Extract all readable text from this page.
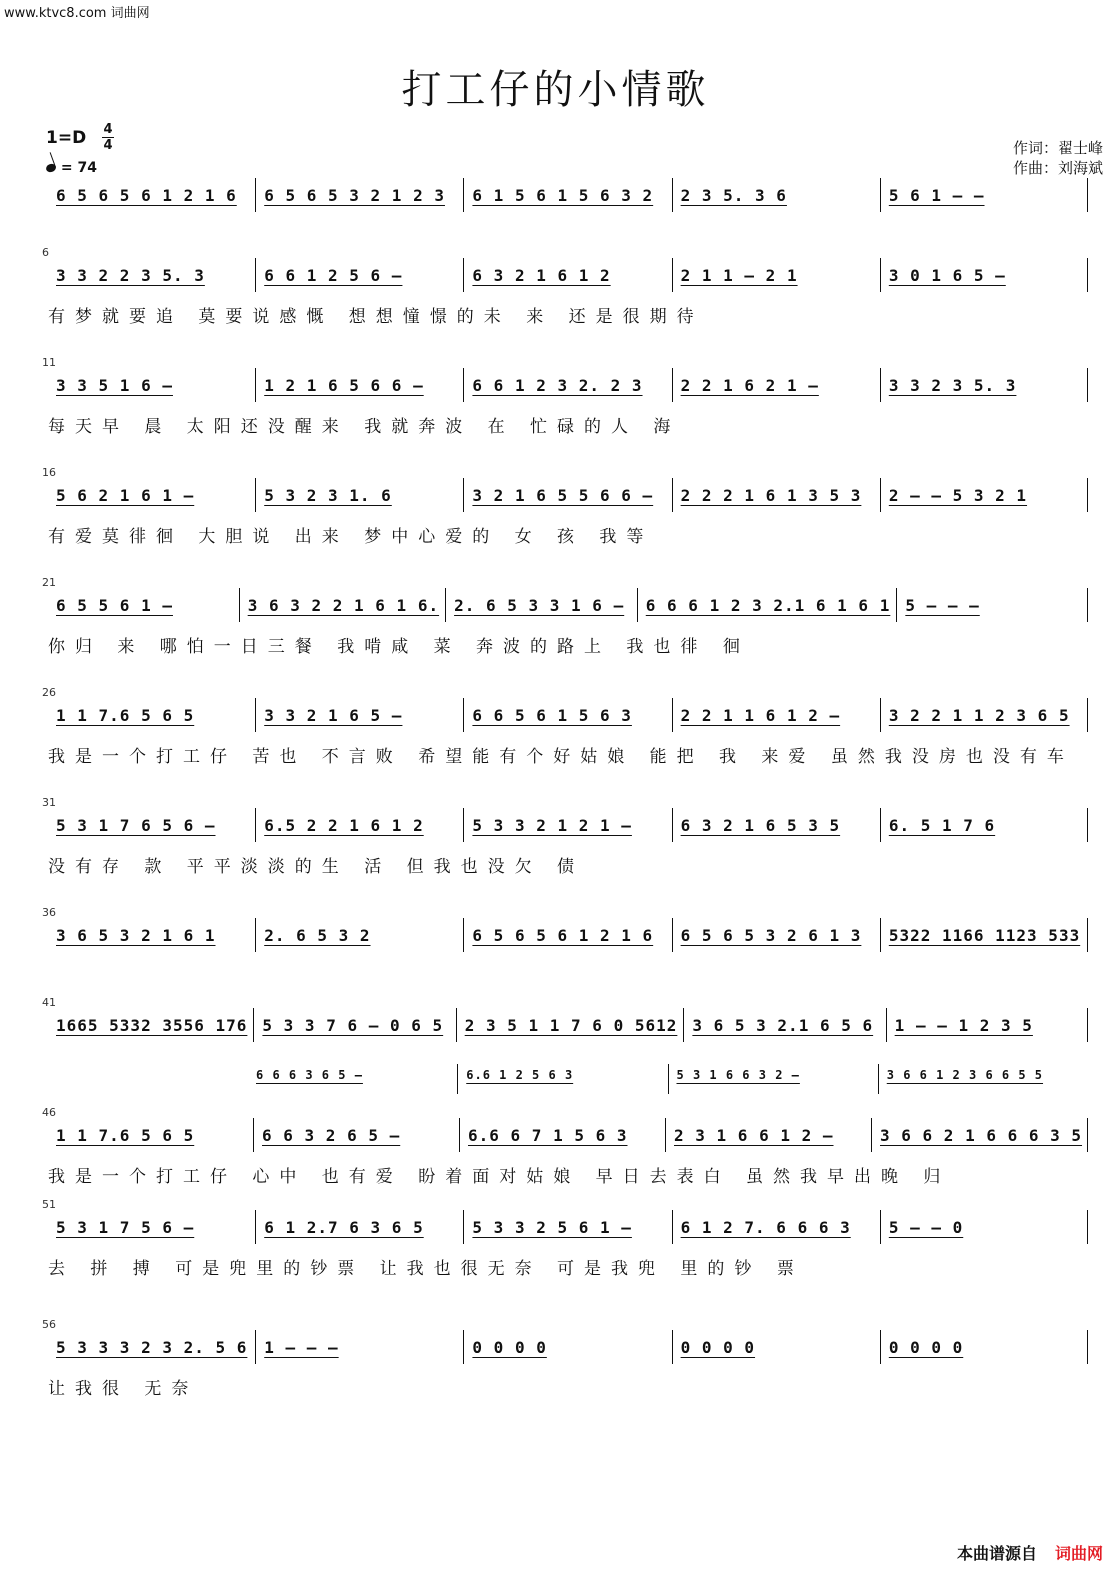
www.ktvc8.com 词曲网
打工仔的小情歌
1=D 4
4
= 74
作词：翟士峰
作曲：刘海斌
6 5 6 5 6 1 2 1 6	6 5 6 5 3 2 1 2 3	6 1 5 6 1 5 6 3 2	2 3 5. 3 6	5 6 1 – –
6
3 3 2 2 3 5. 3	6 6 1 2 5 6 –	6 3 2 1 6 1 2	2 1 1 – 2 1	3 0 1 6 5 –
有梦就要追 莫要说感慨 想想憧憬的未 来 还是很期待
11
3 3 5 1 6 –	1 2 1 6 5 6 6 –	6 6 1 2 3 2. 2 3	2 2 1 6 2 1 –	3 3 2 3 5. 3
每天早 晨 太阳还没醒来 我就奔波 在 忙碌的人 海
16
5 6 2 1 6 1 –	5 3 2 3 1. 6	3 2 1 6 5 5 6 6 –	2 2 2 1 6 1 3 5 3	2 – – 5 3 2 1
有爱莫徘徊 大胆说 出来 梦中心爱的 女 孩 我等
21
6 5 5 6 1 –	3 6 3 2 2 1 6 1 6. 2. 6 5 3 3 1 6 –	6 6 6 1 2 3 2.1 6 1 6 1 5 – – –
你归 来 哪怕一日三餐 我啃咸 菜 奔波的路上 我也徘 徊
26
1 1 7.6 5 6 5	3 3 2 1 6 5 –	6 6 5 6 1 5 6 3	2 2 1 1 6 1 2 –	3 2 2 1 1 2 3 6 5
我是一个打工仔 苦也 不言败 希望能有个好姑娘 能把 我 来爱 虽然我没房也没有车
31
5 3 1 7 6 5 6 –	6.5 2 2 1 6 1 2	5 3 3 2 1 2 1 –	6 3 2 1 6 5 3 5	6. 5 1 7 6
没有存 款 平平淡淡的生 活 但我也没欠 债
36
3 6 5 3 2 1 6 1	2. 6 5 3 2	6 5 6 5 6 1 2 1 6	6 5 6 5 3 2 6 1 3	5322 1166 1123 533
41
1665 5332 3556 176 5 3 3 7 6 – 0 6 5	2 3 5 1 1 7 6 0 5612 3 6 5 3 2.1 6 5 6	1 – – 1 2 3 5
46
1 1 7.6 5 6 5	6 6 3 2 6 5 –	6.6 6 7 1 5 6 3	2 3 1 6 6 1 2 –	3 6 6 2 1 6 6 6 3 5
6 6 6 3 6 5 –	6.6 1 2 5 6 3	5 3 1 6 6 3 2 –	3 6 6 1 2 3 6 6 5 5
我是一个打工仔 心中 也有爱 盼着面对姑娘 早日去表白 虽然我早出晚 归
51
5 3 1 7 5 6 –	6 1 2.7 6 3 6 5	5 3 3 2 5 6 1 –	6 1 2 7. 6 6 6 3	5 – – 0
去 拼 搏 可是兜里的钞票 让我也很无奈 可是我兜 里的钞 票
56
5 3 3 3 2 3 2. 5 6	1 – – –	0 0 0 0	0 0 0 0	0 0 0 0
让我很 无奈
本曲谱源自 词曲网
